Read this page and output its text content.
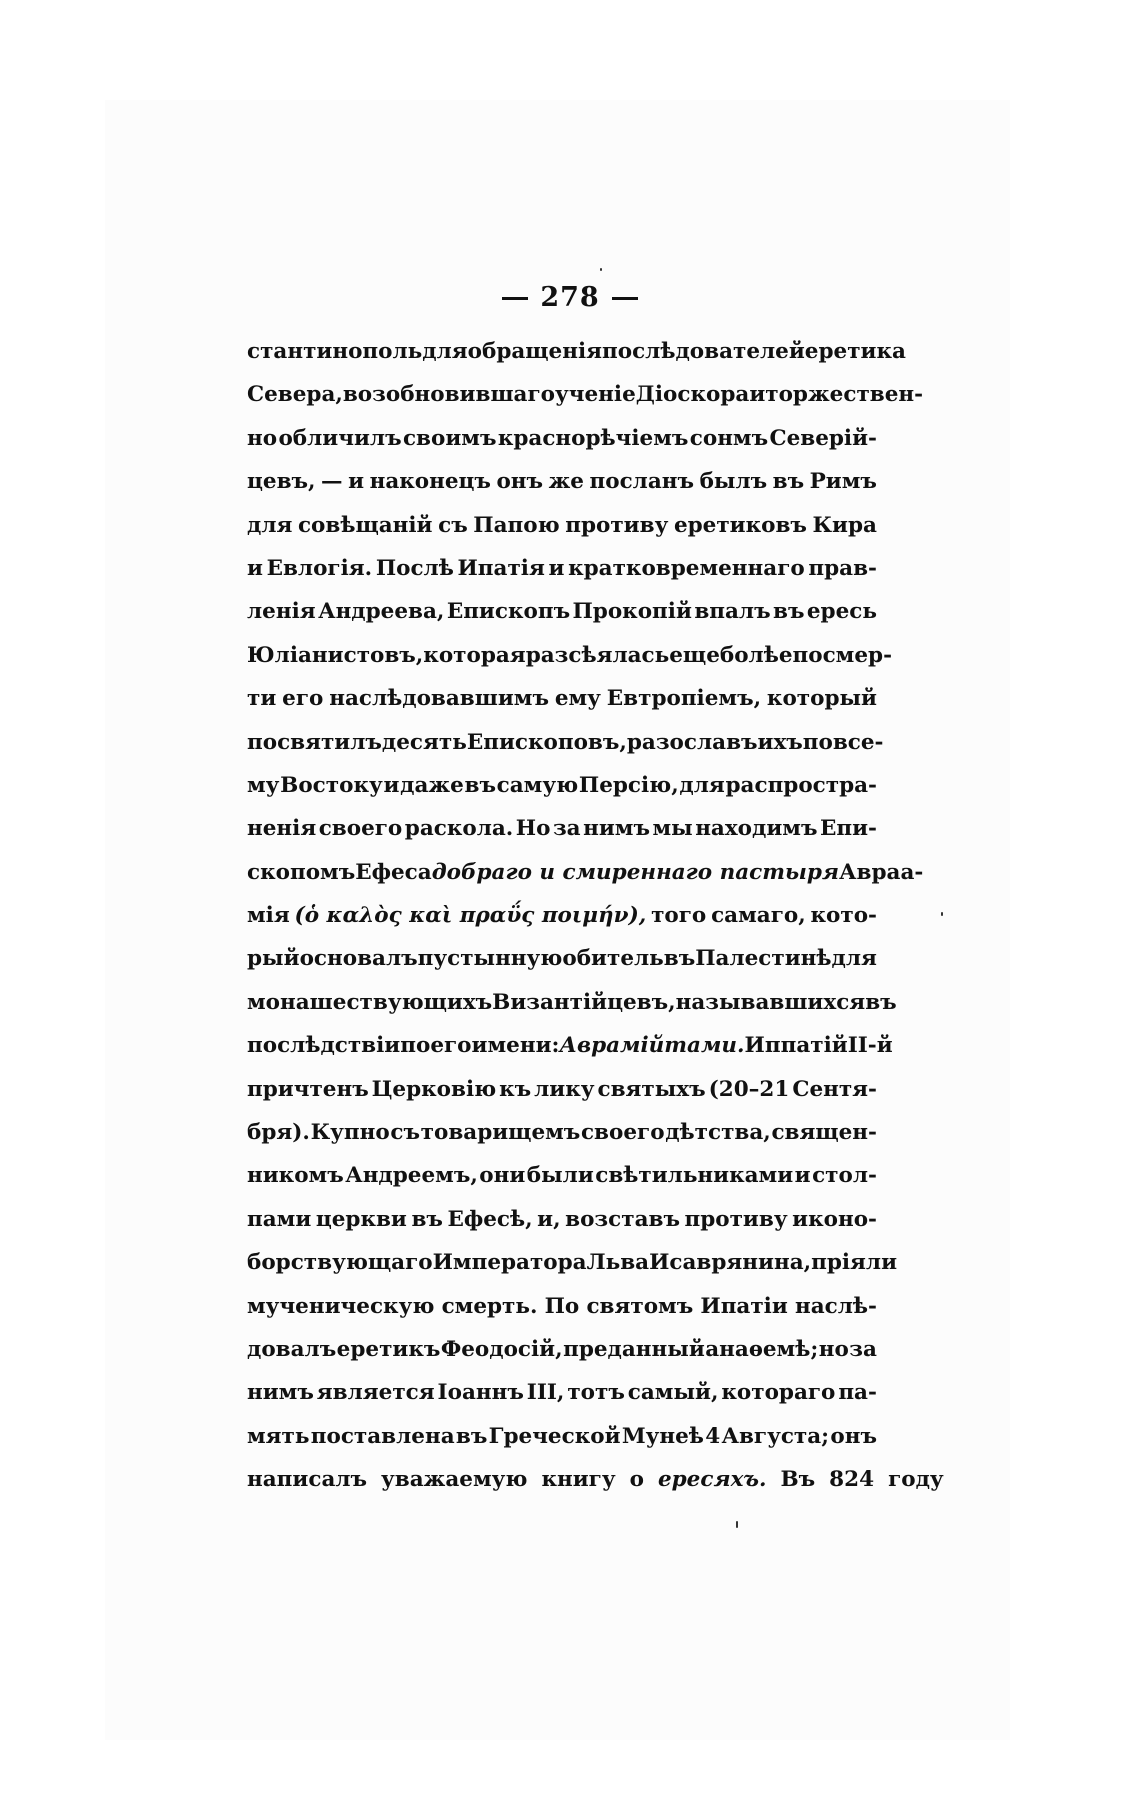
278
стантинополь для обращенія послѣдователей еретика
Севера, возобновившаго ученіе Діоскора и торжествен-
но обличилъ своимъ краснорѣчіемъ сонмъ Северій-
цевъ, — и наконецъ онъ же посланъ былъ въ Римъ
для совѣщаній съ Папою противу еретиковъ Кира
и Евлогія. Послѣ Ипатія и кратковременнаго прав-
ленія Андреева, Епископъ Прокопій впалъ въ ересь
Юліанистовъ, которая разсѣялась еще болѣе по смер-
ти его наслѣдовавшимъ ему Евтропіемъ, который
посвятилъ десять Епископовъ, разославъ ихъ по все-
му Востоку и даже въ самую Персію, для распростра-
ненія своего раскола. Но за нимъ мы находимъ Епи-
скопомъ Ефеса добраго и смиреннаго пастыря Авраа-
мія (ὁ καλὸς καὶ πραΰς ποιμήν), того самаго, кото-
рый основалъ пустынную обитель въ Палестинѣ для
монашествующихъ Византійцевъ, называвшихся въ
послѣдствіи по его имени: Аврамійтами. Иппатій II-й
причтенъ Церковію къ лику святыхъ (20–21 Сентя-
бря). Купно съ товарищемъ своего дѣтства, священ-
никомъ Андреемъ, они были свѣтильниками и стол-
пами церкви въ Ефесѣ, и, возставъ противу иконо-
борствующаго Императора Льва Исаврянина, пріяли
мученическую смерть. По святомъ Ипатіи наслѣ-
довалъ еретикъ Феодосій, преданный анаѳемѣ; но за
нимъ является Іоаннъ III, тотъ самый, котораго па-
мять поставлена въ Греческой Мунеѣ 4 Августа; онъ
написалъ уважаемую книгу о ересяхъ. Въ 824 году
